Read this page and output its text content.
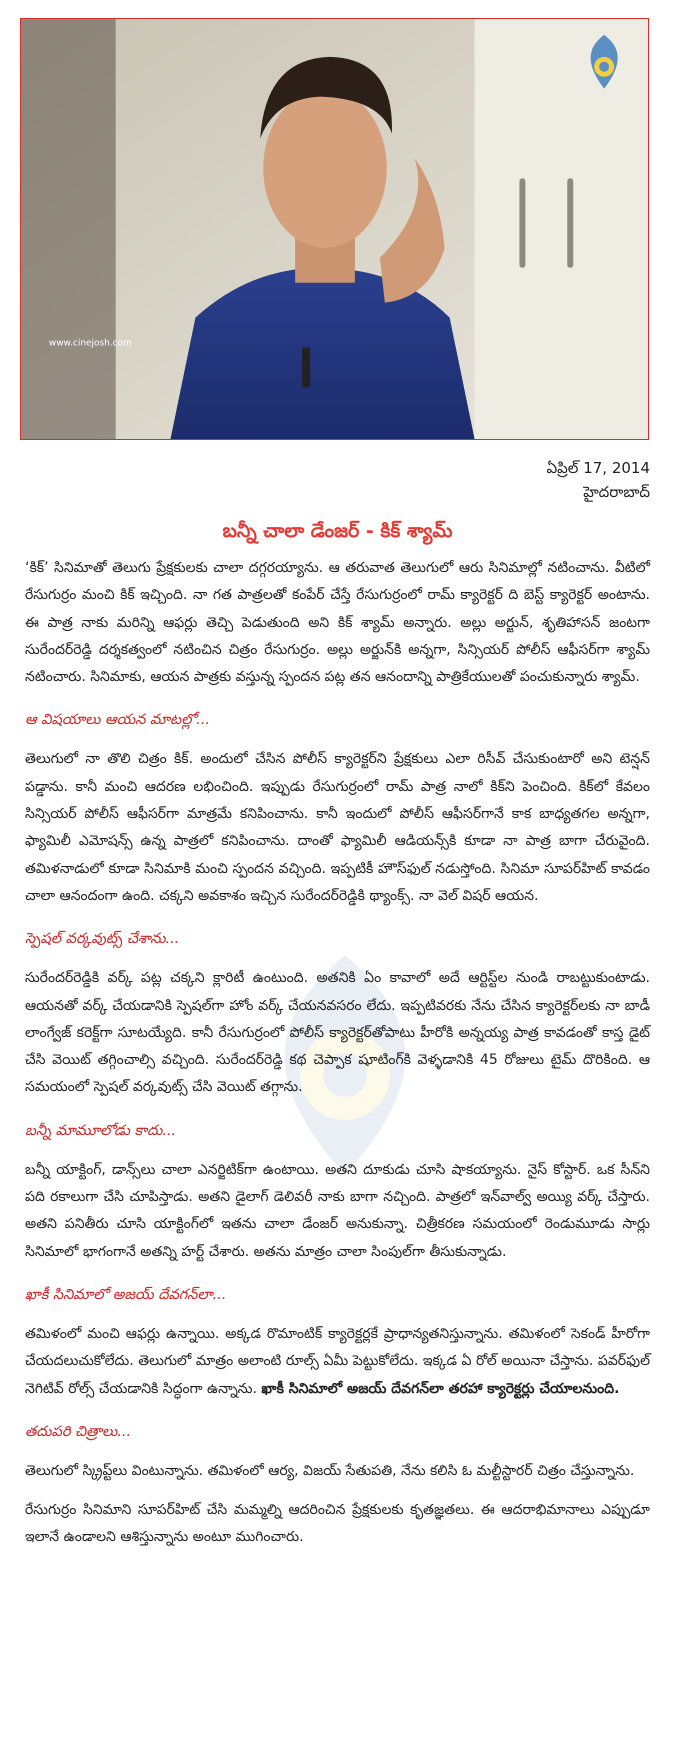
www.cinejosh.com
ఏప్రిల్ 17, 2014
హైదరాబాద్
బన్నీ చాలా డేంజర్ - కిక్ శ్యామ్

‘కిక్’ సినిమాతో తెలుగు ప్రేక్షకులకు చాలా దగ్గరయ్యాను. ఆ తరువాత తెలుగులో ఆరు సినిమాల్లో నటించాను. వీటిలో రేసుగుర్రం మంచి కిక్ ఇచ్చింది. నా గత పాత్రలతో కంపేర్ చేస్తే రేసుగుర్రంలో రామ్ క్యారెక్టర్ ది బెస్ట్ క్యారెక్టర్ అంటాను. ఈ పాత్ర నాకు మరిన్ని ఆఫర్లు తెచ్చి పెడుతుంది అని కిక్ శ్యామ్ అన్నారు. అల్లు అర్జున్, శృతిహాసన్ జంటగా సురేందర్‌రెడ్డి దర్శకత్వంలో నటించిన చిత్రం రేసుగుర్రం. అల్లు అర్జున్‌కి అన్నగా, సిన్సియర్ పోలీస్ ఆఫీసర్‌గా శ్యామ్ నటించారు. సినిమాకు, ఆయన పాత్రకు వస్తున్న స్పందన పట్ల తన ఆనందాన్ని పాత్రికేయులతో పంచుకున్నారు శ్యామ్.

ఆ విషయాలు ఆయన మాటల్లో...

తెలుగులో నా తొలి చిత్రం కిక్. అందులో చేసిన పోలీస్ క్యారెక్టర్‌ని ప్రేక్షకులు ఎలా రిసీవ్ చేసుకుంటారో అని టెన్షన్ పడ్డాను. కానీ మంచి ఆదరణ లభించింది. ఇప్పుడు రేసుగుర్రంలో రామ్ పాత్ర నాలో కిక్‌ని పెంచింది. కిక్‌లో కేవలం సిన్సియర్ పోలీస్ ఆఫీసర్‌గా మాత్రమే కనిపించాను. కానీ ఇందులో పోలీస్ ఆఫీసర్‌గానే కాక బాధ్యతగల అన్నగా, ఫ్యామిలీ ఎమోషన్స్ ఉన్న పాత్రలో కనిపించాను. దాంతో ఫ్యామిలీ ఆడియన్స్‌కి కూడా నా పాత్ర బాగా చేరువైంది. తమిళనాడులో కూడా సినిమాకి మంచి స్పందన వచ్చింది. ఇప్పటికీ హౌస్‌ఫుల్ నడుస్తోంది. సినిమా సూపర్‌హిట్ కావడం చాలా ఆనందంగా ఉంది. చక్కని అవకాశం ఇచ్చిన సురేందర్‌రెడ్డికి థ్యాంక్స్. నా వెల్ విషర్ ఆయన.

స్పెషల్ వర్కవుట్స్ చేశాను...

సురేందర్‌రెడ్డికి వర్క్ పట్ల చక్కని క్లారిటీ ఉంటుంది. అతనికి ఏం కావాలో అదే ఆర్టిస్ట్‌ల నుండి రాబట్టుకుంటాడు. ఆయనతో వర్క్ చేయడానికి స్పెషల్‌గా హోం వర్క్ చేయనవసరం లేదు. ఇప్పటివరకు నేను చేసిన క్యారెక్టర్‌లకు నా బాడీ లాంగ్వేజ్ కరెక్ట్‌గా సూటయ్యేది. కానీ రేసుగుర్రంలో పోలీస్ క్యారెక్టర్‌తోపాటు హీరోకి అన్నయ్య పాత్ర కావడంతో కాస్త డైట్ చేసి వెయిట్ తగ్గించాల్సి వచ్చింది. సురేందర్‌రెడ్డి కథ చెప్పాక షూటింగ్‌కి వెళ్ళడానికి 45 రోజులు టైమ్ దొరికింది. ఆ సమయంలో స్పెషల్ వర్కవుట్స్ చేసి వెయిట్ తగ్గాను.

బన్నీ మామూలోడు కాదు...

బన్నీ యాక్టింగ్, డాన్స్‌లు చాలా ఎనర్జిటిక్‌గా ఉంటాయి. అతని దూకుడు చూసి షాకయ్యాను. నైస్ కోస్టార్. ఒక సీన్‌ని పది రకాలుగా చేసి చూపిస్తాడు. అతని డైలాగ్ డెలివరీ నాకు బాగా నచ్చింది. పాత్రలో ఇన్‌వాల్వ్ అయ్యి వర్క్ చేస్తారు. అతని పనితీరు చూసి యాక్టింగ్‌లో ఇతను చాలా డేంజర్ అనుకున్నా. చిత్రీకరణ సమయంలో రెండుమూడు సార్లు సినిమాలో భాగంగానే అతన్ని హర్ట్ చేశారు. అతను మాత్రం చాలా సింపుల్‌గా తీసుకున్నాడు.

ఖాకీ సినిమాలో అజయ్ దేవగన్‌లా...

తమిళంలో మంచి ఆఫర్లు ఉన్నాయి. అక్కడ రొమాంటిక్ క్యారెక్టర్లకే ప్రాధాన్యతనిస్తున్నాను. తమిళంలో సెకండ్ హీరోగా చేయదలుచుకోలేదు. తెలుగులో మాత్రం అలాంటి రూల్స్ ఏమీ పెట్టుకోలేదు. ఇక్కడ ఏ రోల్ అయినా చేస్తాను. పవర్‌ఫుల్ నెగిటివ్ రోల్స్ చేయడానికి సిద్ధంగా ఉన్నాను. ఖాకీ సినిమాలో అజయ్ దేవగన్‌లా తరహా క్యారెక్టర్లు చేయాలనుంది.

తదుపరి చిత్రాలు...

తెలుగులో స్క్రిప్ట్‌లు వింటున్నాను. తమిళంలో ఆర్య, విజయ్ సేతుపతి, నేను కలిసి ఓ మల్టీస్టారర్ చిత్రం చేస్తున్నాను.

రేసుగుర్రం సినిమాని సూపర్‌హిట్ చేసి మమ్మల్ని ఆదరించిన ప్రేక్షకులకు కృతజ్ఞతలు. ఈ ఆదరాభిమానాలు ఎప్పుడూ ఇలానే ఉండాలని ఆశిస్తున్నాను అంటూ ముగించారు.
